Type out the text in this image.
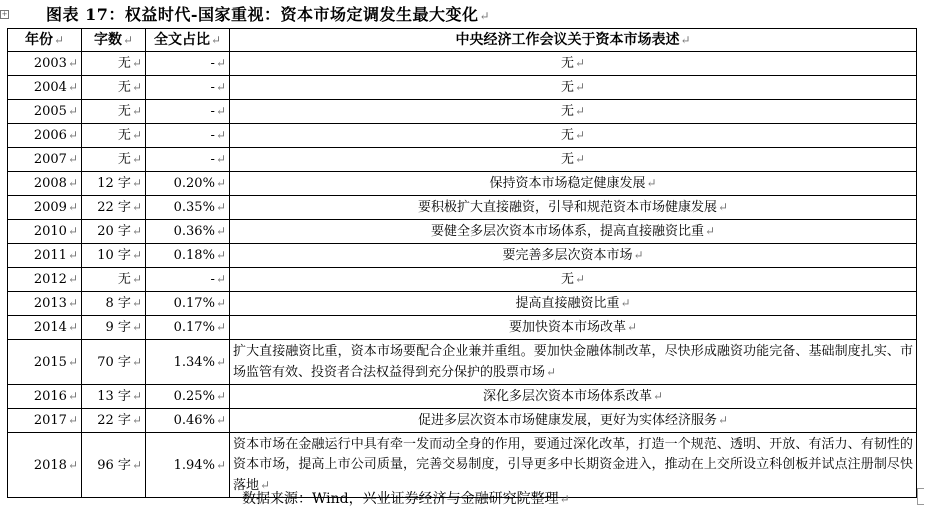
+ 图表 17：权益时代-国家重视：资本市场定调发生最大变化↵
年份↵	字数↵	全文占比↵	中央经济工作会议关于资本市场表述↵
2003↵	无↵	-↵	无↵
2004↵	无↵	-↵	无↵
2005↵	无↵	-↵	无↵
2006↵	无↵	-↵	无↵
2007↵	无↵	-↵	无↵
2008↵	12 字↵	0.20%↵	保持资本市场稳定健康发展↵
2009↵	22 字↵	0.35%↵	要积极扩大直接融资，引导和规范资本市场健康发展↵
2010↵	20 字↵	0.36%↵	要健全多层次资本市场体系，提高直接融资比重↵
2011↵	10 字↵	0.18%↵	要完善多层次资本市场↵
2012↵	无↵	-↵	无↵
2013↵	8 字↵	0.17%↵	提高直接融资比重↵
2014↵	9 字↵	0.17%↵	要加快资本市场改革↵
2015↵	70 字↵	1.34%↵	扩大直接融资比重，资本市场要配合企业兼并重组。要加快金融体制改革，尽快形成融资功能完备、基础制度扎实、市场监管有效、投资者合法权益得到充分保护的股票市场↵
2016↵	13 字↵	0.25%↵	深化多层次资本市场体系改革↵
2017↵	22 字↵	0.46%↵	促进多层次资本市场健康发展，更好为实体经济服务↵
2018↵	96 字↵	1.94%↵	资本市场在金融运行中具有牵一发而动全身的作用，要通过深化改革，打造一个规范、透明、开放、有活力、有韧性的资本市场，提高上市公司质量，完善交易制度，引导更多中长期资金进入，推动在上交所设立科创板并试点注册制尽快落地↵
数据来源：Wind，兴业证券经济与金融研究院整理↵
